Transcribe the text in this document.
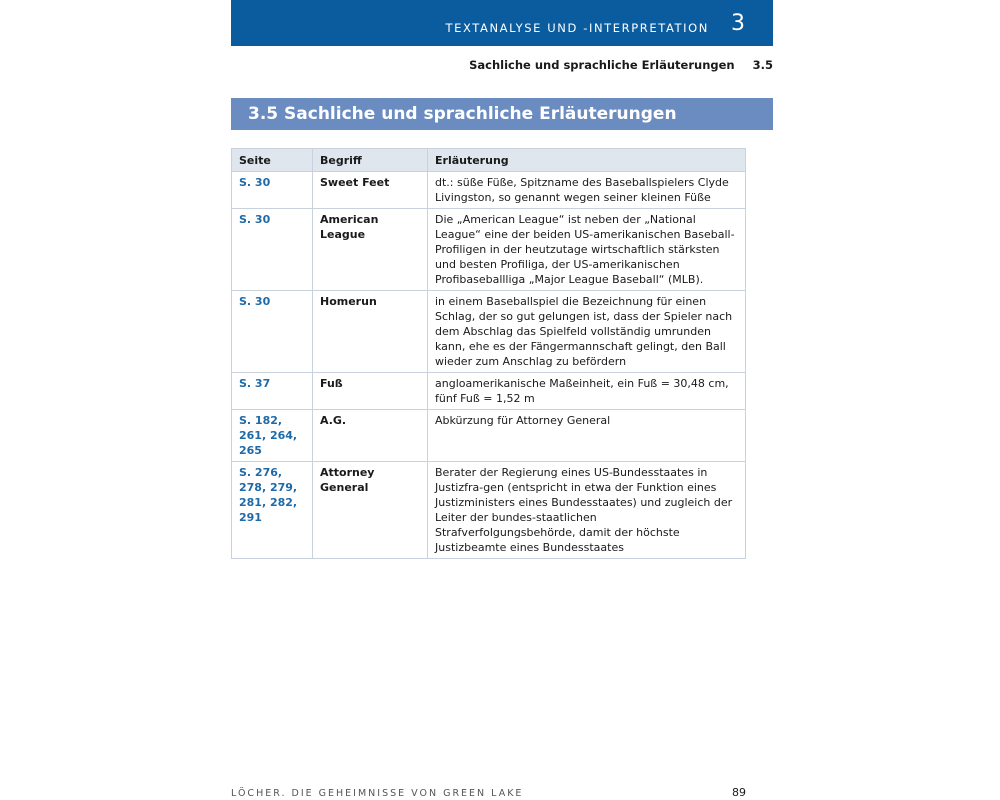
TEXTANALYSE UND -INTERPRETATION 3
Sachliche und sprachliche Erläuterungen 3.5
3.5 Sachliche und sprachliche Erläuterungen
Seite	Begriff	Erläuterung
S. 30	Sweet Feet	dt.: süße Füße, Spitzname des Baseballspielers Clyde Livingston, so genannt wegen seiner kleinen Füße
S. 30	American League	Die „American League“ ist neben der „National League“ eine der beiden US-amerikanischen Baseball- Profiligen in der heutzutage wirtschaftlich stärksten und besten Profiliga, der US-amerikanischen Profibaseballliga „Major League Baseball“ (MLB).
S. 30	Homerun	in einem Baseballspiel die Bezeichnung für einen Schlag, der so gut gelungen ist, dass der Spieler nach dem Abschlag das Spielfeld vollständig umrunden kann, ehe es der Fängermannschaft gelingt, den Ball wieder zum Anschlag zu befördern
S. 37	Fuß	angloamerikanische Maßeinheit, ein Fuß = 30,48 cm, fünf Fuß = 1,52 m
S. 182, 261, 264, 265	A.G.	Abkürzung für Attorney General
S. 276, 278, 279, 281, 282, 291	Attorney General	Berater der Regierung eines US-Bundesstaates in Justizfra-gen (entspricht in etwa der Funktion eines Justizministers eines Bundesstaates) und zugleich der Leiter der bundes-staatlichen Strafverfolgungsbehörde, damit der höchste Justizbeamte eines Bundesstaates
LÖCHER. DIE GEHEIMNISSE VON GREEN LAKE	89
